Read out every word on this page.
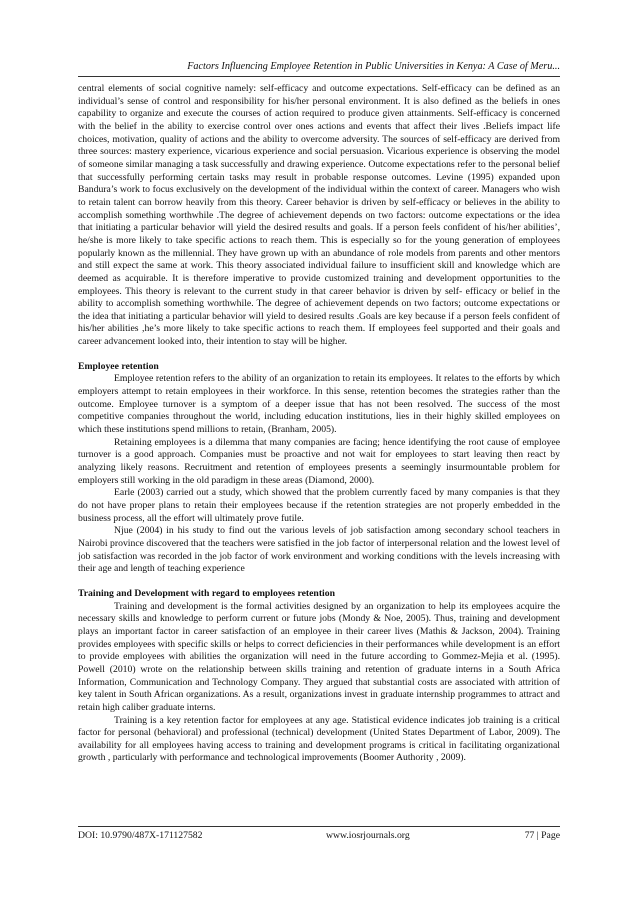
Factors Influencing Employee Retention in Public Universities in Kenya: A Case of Meru...

central elements of social cognitive namely: self-efficacy and outcome expectations. Self-efficacy can be defined as an individual’s sense of control and responsibility for his/her personal environment. It is also defined as the beliefs in ones capability to organize and execute the courses of action required to produce given attainments. Self-efficacy is concerned with the belief in the ability to exercise control over ones actions and events that affect their lives .Beliefs impact life choices, motivation, quality of actions and the ability to overcome adversity. The sources of self-efficacy are derived from three sources: mastery experience, vicarious experience and social persuasion. Vicarious experience is observing the model of someone similar managing a task successfully and drawing experience. Outcome expectations refer to the personal belief that successfully performing certain tasks may result in probable response outcomes. Levine (1995) expanded upon Bandura’s work to focus exclusively on the development of the individual within the context of career. Managers who wish to retain talent can borrow heavily from this theory. Career behavior is driven by self-efficacy or believes in the ability to accomplish something worthwhile .The degree of achievement depends on two factors: outcome expectations or the idea that initiating a particular behavior will yield the desired results and goals. If a person feels confident of his/her abilities’, he/she is more likely to take specific actions to reach them. This is especially so for the young generation of employees popularly known as the millennial. They have grown up with an abundance of role models from parents and other mentors and still expect the same at work. This theory associated individual failure to insufficient skill and knowledge which are deemed as acquirable. It is therefore imperative to provide customized training and development opportunities to the employees. This theory is relevant to the current study in that career behavior is driven by self- efficacy or belief in the ability to accomplish something worthwhile. The degree of achievement depends on two factors; outcome expectations or the idea that initiating a particular behavior will yield to desired results .Goals are key because if a person feels confident of his/her abilities ,he’s more likely to take specific actions to reach them. If employees feel supported and their goals and career advancement looked into, their intention to stay will be higher.

Employee retention

Employee retention refers to the ability of an organization to retain its employees. It relates to the efforts by which employers attempt to retain employees in their workforce. In this sense, retention becomes the strategies rather than the outcome. Employee turnover is a symptom of a deeper issue that has not been resolved. The success of the most competitive companies throughout the world, including education institutions, lies in their highly skilled employees on which these institutions spend millions to retain, (Branham, 2005).

Retaining employees is a dilemma that many companies are facing; hence identifying the root cause of employee turnover is a good approach. Companies must be proactive and not wait for employees to start leaving then react by analyzing likely reasons. Recruitment and retention of employees presents a seemingly insurmountable problem for employers still working in the old paradigm in these areas (Diamond, 2000).

Earle (2003) carried out a study, which showed that the problem currently faced by many companies is that they do not have proper plans to retain their employees because if the retention strategies are not properly embedded in the business process, all the effort will ultimately prove futile.

Njue (2004) in his study to find out the various levels of job satisfaction among secondary school teachers in Nairobi province discovered that the teachers were satisfied in the job factor of interpersonal relation and the lowest level of job satisfaction was recorded in the job factor of work environment and working conditions with the levels increasing with their age and length of teaching experience

Training and Development with regard to employees retention

Training and development is the formal activities designed by an organization to help its employees acquire the necessary skills and knowledge to perform current or future jobs (Mondy & Noe, 2005). Thus, training and development plays an important factor in career satisfaction of an employee in their career lives (Mathis & Jackson, 2004). Training provides employees with specific skills or helps to correct deficiencies in their performances while development is an effort to provide employees with abilities the organization will need in the future according to Gommez-Mejia et al. (1995). Powell (2010) wrote on the relationship between skills training and retention of graduate interns in a South Africa Information, Communication and Technology Company. They argued that substantial costs are associated with attrition of key talent in South African organizations. As a result, organizations invest in graduate internship programmes to attract and retain high caliber graduate interns.

Training is a key retention factor for employees at any age. Statistical evidence indicates job training is a critical factor for personal (behavioral) and professional (technical) development (United States Department of Labor, 2009). The availability for all employees having access to training and development programs is critical in facilitating organizational growth , particularly with performance and technological improvements (Boomer Authority , 2009).

DOI: 10.9790/487X-171127582	www.iosrjournals.org	77 | Page
